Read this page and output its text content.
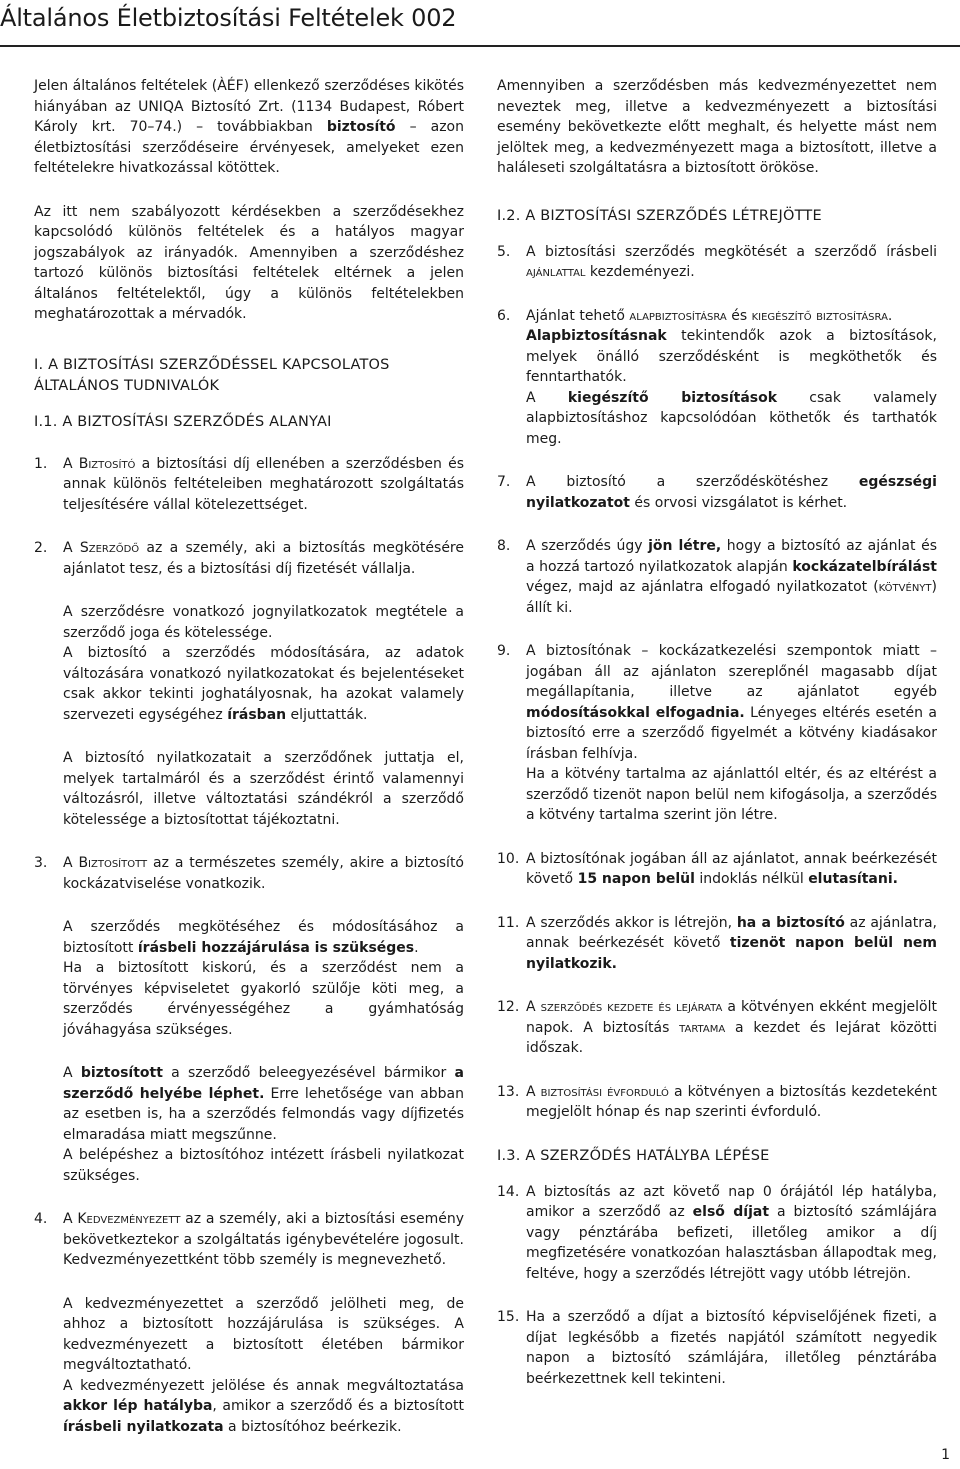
Általános Életbiztosítási Feltételek 002

Jelen általános feltételek (ÀÉF) ellenkező szerződéses kikötés hiányában az UNIQA Biztosító Zrt. (1134 Budapest, Róbert Károly krt. 70–74.) – továbbiakban biztosító – azon életbiztosítási szerződéseire érvényesek, amelyeket ezen feltételekre hivatkozással kötöttek.

Az itt nem szabályozott kérdésekben a szerződésekhez kapcsolódó különös feltételek és a hatályos magyar jogszabályok az irányadók. Amennyiben a szerződéshez tartozó különös biztosítási feltételek eltérnek a jelen általános feltételektől, úgy a különös feltételekben meghatározottak a mérvadók.

I. A BIZTOSÍTÁSI SZERZŐDÉSSEL KAPCSOLATOS ÁLTALÁNOS TUDNIVALÓK
I.1. A BIZTOSÍTÁSI SZERZŐDÉS ALANYAI
1.	A Biztosító a biztosítási díj ellenében a szerződésben és annak különös feltételeiben meghatározott szolgáltatás teljesítésére vállal kötelezettséget.

2.	A Szerződő az a személy, aki a biztosítás megkötésére ajánlatot tesz, és a biztosítási díj fizetését vállalja.

A szerződésre vonatkozó jognyilatkozatok megtétele a szerződő joga és kötelessége.

A biztosító a szerződés módosítására, az adatok változására vonatkozó nyilatkozatokat és bejelentéseket csak akkor tekinti joghatályosnak, ha azokat valamely szervezeti egységéhez írásban eljuttatták.

A biztosító nyilatkozatait a szerződőnek juttatja el, melyek tartalmáról és a szerződést érintő valamennyi változásról, illetve változtatási szándékról a szerződő kötelessége a biztosítottat tájékoztatni.

3.	A Biztosított az a természetes személy, akire a biztosító kockázatviselése vonatkozik.

A szerződés megkötéséhez és módosításához a biztosított írásbeli hozzájárulása is szükséges.

Ha a biztosított kiskorú, és a szerződést nem a törvényes képviseletet gyakorló szülője köti meg, a szerződés érvényességéhez a gyámhatóság jóváhagyása szükséges.

A biztosított a szerződő beleegyezésével bármikor a szerződő helyébe léphet. Erre lehetősége van abban az esetben is, ha a szerződés felmondás vagy díjfizetés elmaradása miatt megszűnne.

A belépéshez a biztosítóhoz intézett írásbeli nyilatkozat szükséges.

4.	A Kedvezményezett az a személy, aki a biztosítási esemény bekövetkeztekor a szolgáltatás igénybevételére jogosult. Kedvezményezettként több személy is megnevezhető.

A kedvezményezettet a szerződő jelölheti meg, de ahhoz a biztosított hozzájárulása is szükséges. A kedvezményezett a biztosított életében bármikor megváltoztatható.

A kedvezményezett jelölése és annak megváltoztatása akkor lép hatályba, amikor a szerződő és a biztosított írásbeli nyilatkozata a biztosítóhoz beérkezik.

Amennyiben a szerződésben más kedvezményezettet nem neveztek meg, illetve a kedvezményezett a biztosítási esemény bekövetkezte előtt meghalt, és helyette mást nem jelöltek meg, a kedvezményezett maga a biztosított, illetve a haláleseti szolgáltatásra a biztosított örököse.

I.2. A BIZTOSÍTÁSI SZERZŐDÉS LÉTREJÖTTE
5.	A biztosítási szerződés megkötését a szerződő írásbeli ajánlattal kezdeményezi.

6.	Ajánlat tehető alapbiztosításra és kiegészítő biztosításra.

Alapbiztosításnak tekintendők azok a biztosítások, melyek önálló szerződésként is megköthetők és fenntarthatók.

A kiegészítő biztosítások csak valamely alapbiztosításhoz kapcsolódóan köthetők és tarthatók meg.

7.	A biztosító a szerződéskötéshez egészségi nyilatkozatot és orvosi vizsgálatot is kérhet.

8.	A szerződés úgy jön létre, hogy a biztosító az ajánlat és a hozzá tartozó nyilatkozatok alapján kockázatelbírálást végez, majd az ajánlatra elfogadó nyilatkozatot (kötvényt) állít ki.

9.	A biztosítónak – kockázatkezelési szempontok miatt – jogában áll az ajánlaton szereplőnél magasabb díjat megállapítania, illetve az ajánlatot egyéb módosításokkal elfogadnia. Lényeges eltérés esetén a biztosító erre a szerződő figyelmét a kötvény kiadásakor írásban felhívja.

Ha a kötvény tartalma az ajánlattól eltér, és az eltérést a szerződő tizenöt napon belül nem kifogásolja, a szerződés a kötvény tartalma szerint jön létre.

10. A biztosítónak jogában áll az ajánlatot, annak beérkezését követő 15 napon belül indoklás nélkül elutasítani.

11. A szerződés akkor is létrejön, ha a biztosító az ajánlatra, annak beérkezését követő tizenöt napon belül nem nyilatkozik.

12. A szerződés kezdete és lejárata a kötvényen ekként megjelölt napok. A biztosítás tartama a kezdet és lejárat közötti időszak.

13. A biztosítási évforduló a kötvényen a biztosítás kezdeteként megjelölt hónap és nap szerinti évforduló.

I.3. A SZERZŐDÉS HATÁLYBA LÉPÉSE
14. A biztosítás az azt követő nap 0 órájától lép hatályba, amikor a szerződő az első díjat a biztosító számlájára vagy pénztárába befizeti, illetőleg amikor a díj megfizetésére vonatkozóan halasztásban állapodtak meg, feltéve, hogy a szerződés létrejött vagy utóbb létrejön.

15. Ha a szerződő a díjat a biztosító képviselőjének fizeti, a díjat legkésőbb a fizetés napjától számított negyedik napon a biztosító számlájára, illetőleg pénztárába beérkezettnek kell tekinteni.

1
